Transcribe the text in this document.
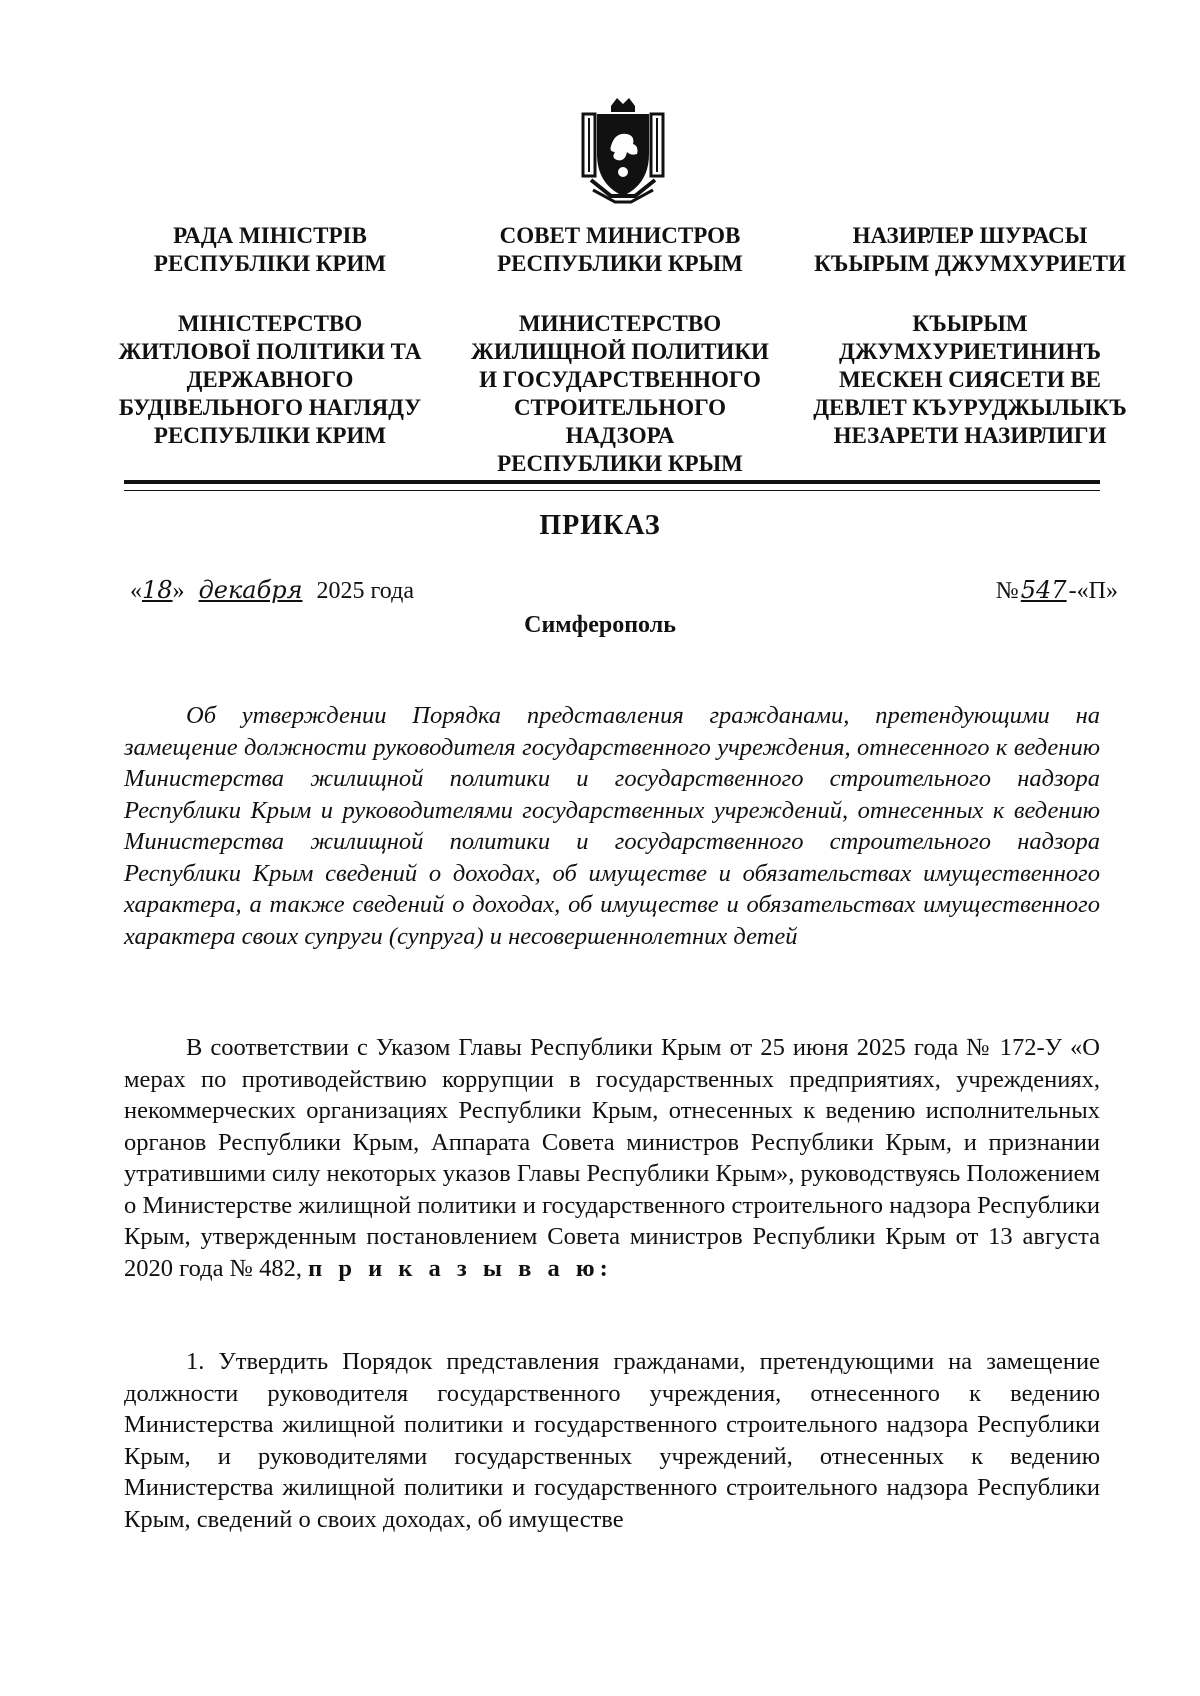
РАДА МІНІСТРІВ
РЕСПУБЛІКИ КРИМ
СОВЕТ МИНИСТРОВ
РЕСПУБЛИКИ КРЫМ
НАЗИРЛЕР ШУРАСЫ
КЪЫРЫМ ДЖУМХУРИЕТИ
МІНІСТЕРСТВО
ЖИТЛОВОЇ ПОЛІТИКИ ТА
ДЕРЖАВНОГО
БУДІВЕЛЬНОГО НАГЛЯДУ
РЕСПУБЛІКИ КРИМ
МИНИСТЕРСТВО
ЖИЛИЩНОЙ ПОЛИТИКИ
И ГОСУДАРСТВЕННОГО
СТРОИТЕЛЬНОГО
НАДЗОРА
РЕСПУБЛИКИ КРЫМ
КЪЫРЫМ
ДЖУМХУРИЕТИНИНЪ
МЕСКЕН СИЯСЕТИ ВЕ
ДЕВЛЕТ КЪУРУДЖЫЛЫКЪ
НЕЗАРЕТИ НАЗИРЛИГИ
ПРИКАЗ
«18» декабря 2025 года	№547-«П»
Симферополь
Об утверждении Порядка представления гражданами, претендующими на замещение должности руководителя государственного учреждения, отнесенного к ведению Министерства жилищной политики и государственного строительного надзора Республики Крым и руководителями государственных учреждений, отнесенных к ведению Министерства жилищной политики и государственного строительного надзора Республики Крым сведений о доходах, об имуществе и обязательствах имущественного характера, а также сведений о доходах, об имуществе и обязательствах имущественного характера своих супруги (супруга) и несовершеннолетних детей
В соответствии с Указом Главы Республики Крым от 25 июня 2025 года № 172-У «О мерах по противодействию коррупции в государственных предприятиях, учреждениях, некоммерческих организациях Республики Крым, отнесенных к ведению исполнительных органов Республики Крым, Аппарата Совета министров Республики Крым, и признании утратившими силу некоторых указов Главы Республики Крым», руководствуясь Положением о Министерстве жилищной политики и государственного строительного надзора Республики Крым, утвержденным постановлением Совета министров Республики Крым от 13 августа 2020 года № 482, п р и к а з ы в а ю:
1. Утвердить Порядок представления гражданами, претендующими на замещение должности руководителя государственного учреждения, отнесенного к ведению Министерства жилищной политики и государственного строительного надзора Республики Крым, и руководителями государственных учреждений, отнесенных к ведению Министерства жилищной политики и государственного строительного надзора Республики Крым, сведений о своих доходах, об имуществе
